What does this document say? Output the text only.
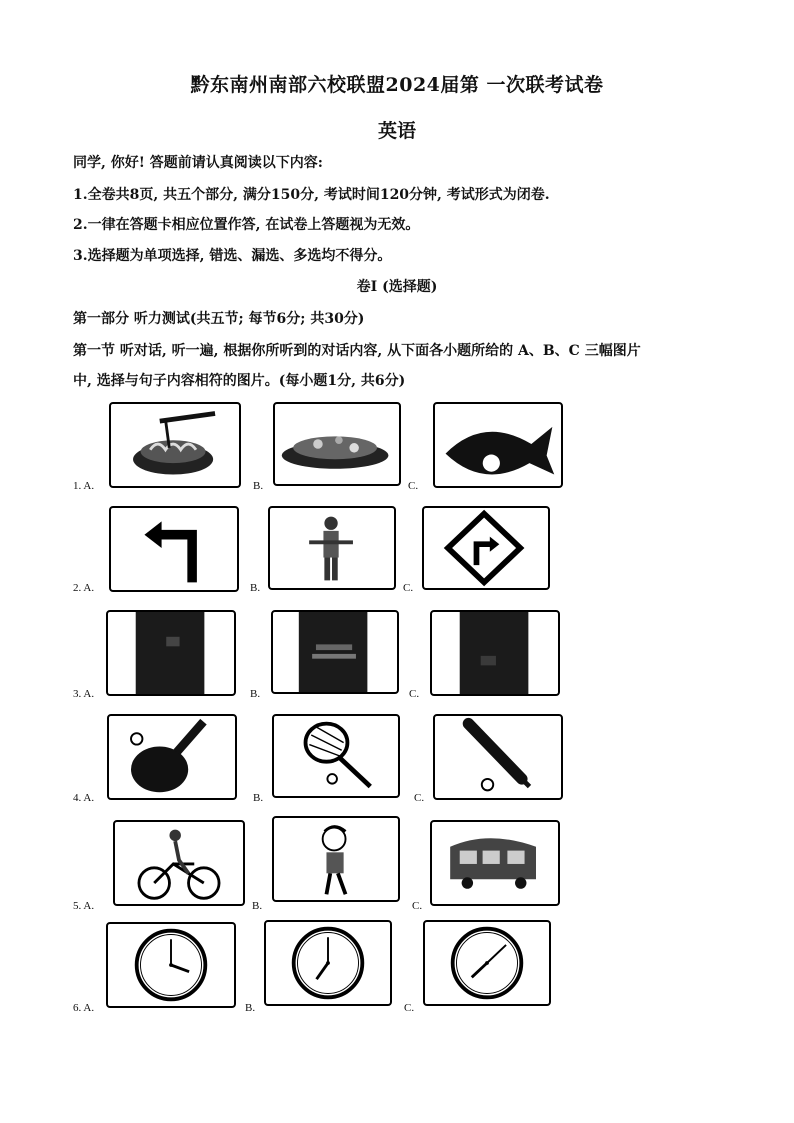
黔东南州南部六校联盟2024届第 一次联考试卷
英语
同学, 你好! 答题前请认真阅读以下内容:
1.全卷共8页, 共五个部分, 满分150分, 考试时间120分钟, 考试形式为闭卷.
2.一律在答题卡相应位置作答, 在试卷上答题视为无效。
3.选择题为单项选择, 错选、漏选、多选均不得分。
卷Ⅰ (选择题)
第一部分 听力测试(共五节; 每节6分; 共30分)
第一节 听对话, 听一遍, 根据你所听到的对话内容, 从下面各小题所给的 A、B、C 三幅图片
中, 选择与句子内容相符的图片。(每小题1分, 共6分)
1. A.	B.	C.
2. A.	B.	C.
3. A.	B.	C.
4. A.	B.	C.
5. A.	B.	C.
6. A.	B.	C.
